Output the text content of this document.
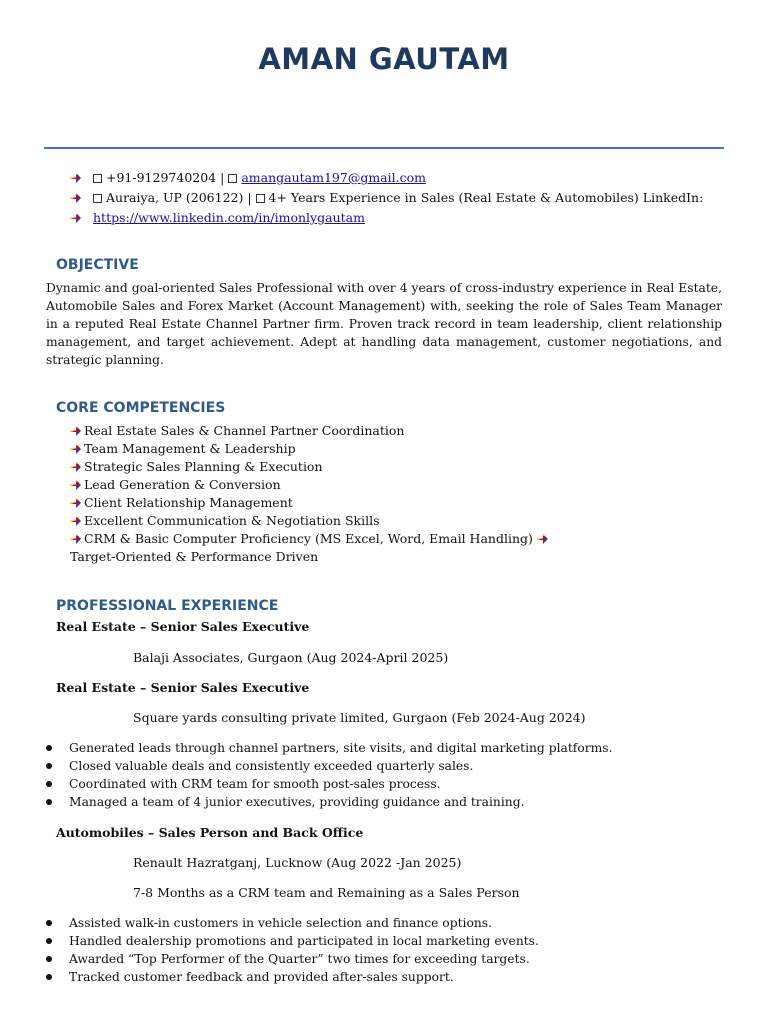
AMAN GAUTAM
+91-9129740204 |
amangautam197@gmail.com
Auraiya, UP (206122) |
4+ Years Experience in Sales (Real Estate & Automobiles) LinkedIn:
https://www.linkedin.com/in/imonlygautam
OBJECTIVE
Dynamic and goal-oriented Sales Professional with over 4 years of cross-industry experience in Real Estate, Automobile Sales and Forex Market (Account Management) with, seeking the role of Sales Team Manager in a reputed Real Estate Channel Partner firm. Proven track record in team leadership, client relationship management, and target achievement. Adept at handling data management, customer negotiations, and strategic planning.
CORE COMPETENCIES
Real Estate Sales & Channel Partner Coordination
Team Management & Leadership
Strategic Sales Planning & Execution
Lead Generation & Conversion
Client Relationship Management
Excellent Communication & Negotiation Skills
CRM & Basic Computer Proficiency (MS Excel, Word, Email Handling)

Target-Oriented & Performance Driven
PROFESSIONAL EXPERIENCE
Real Estate – Senior Sales Executive
Balaji Associates, Gurgaon (Aug 2024-April 2025)
Real Estate – Senior Sales Executive
Square yards consulting private limited, Gurgaon (Feb 2024-Aug 2024)
Generated leads through channel partners, site visits, and digital marketing platforms.
Closed valuable deals and consistently exceeded quarterly sales.
Coordinated with CRM team for smooth post-sales process.
Managed a team of 4 junior executives, providing guidance and training.
Automobiles – Sales Person and Back Office
Renault Hazratganj, Lucknow (Aug 2022 -Jan 2025)
7-8 Months as a CRM team and Remaining as a Sales Person
Assisted walk-in customers in vehicle selection and finance options.
Handled dealership promotions and participated in local marketing events.
Awarded “Top Performer of the Quarter” two times for exceeding targets.
Tracked customer feedback and provided after-sales support.
